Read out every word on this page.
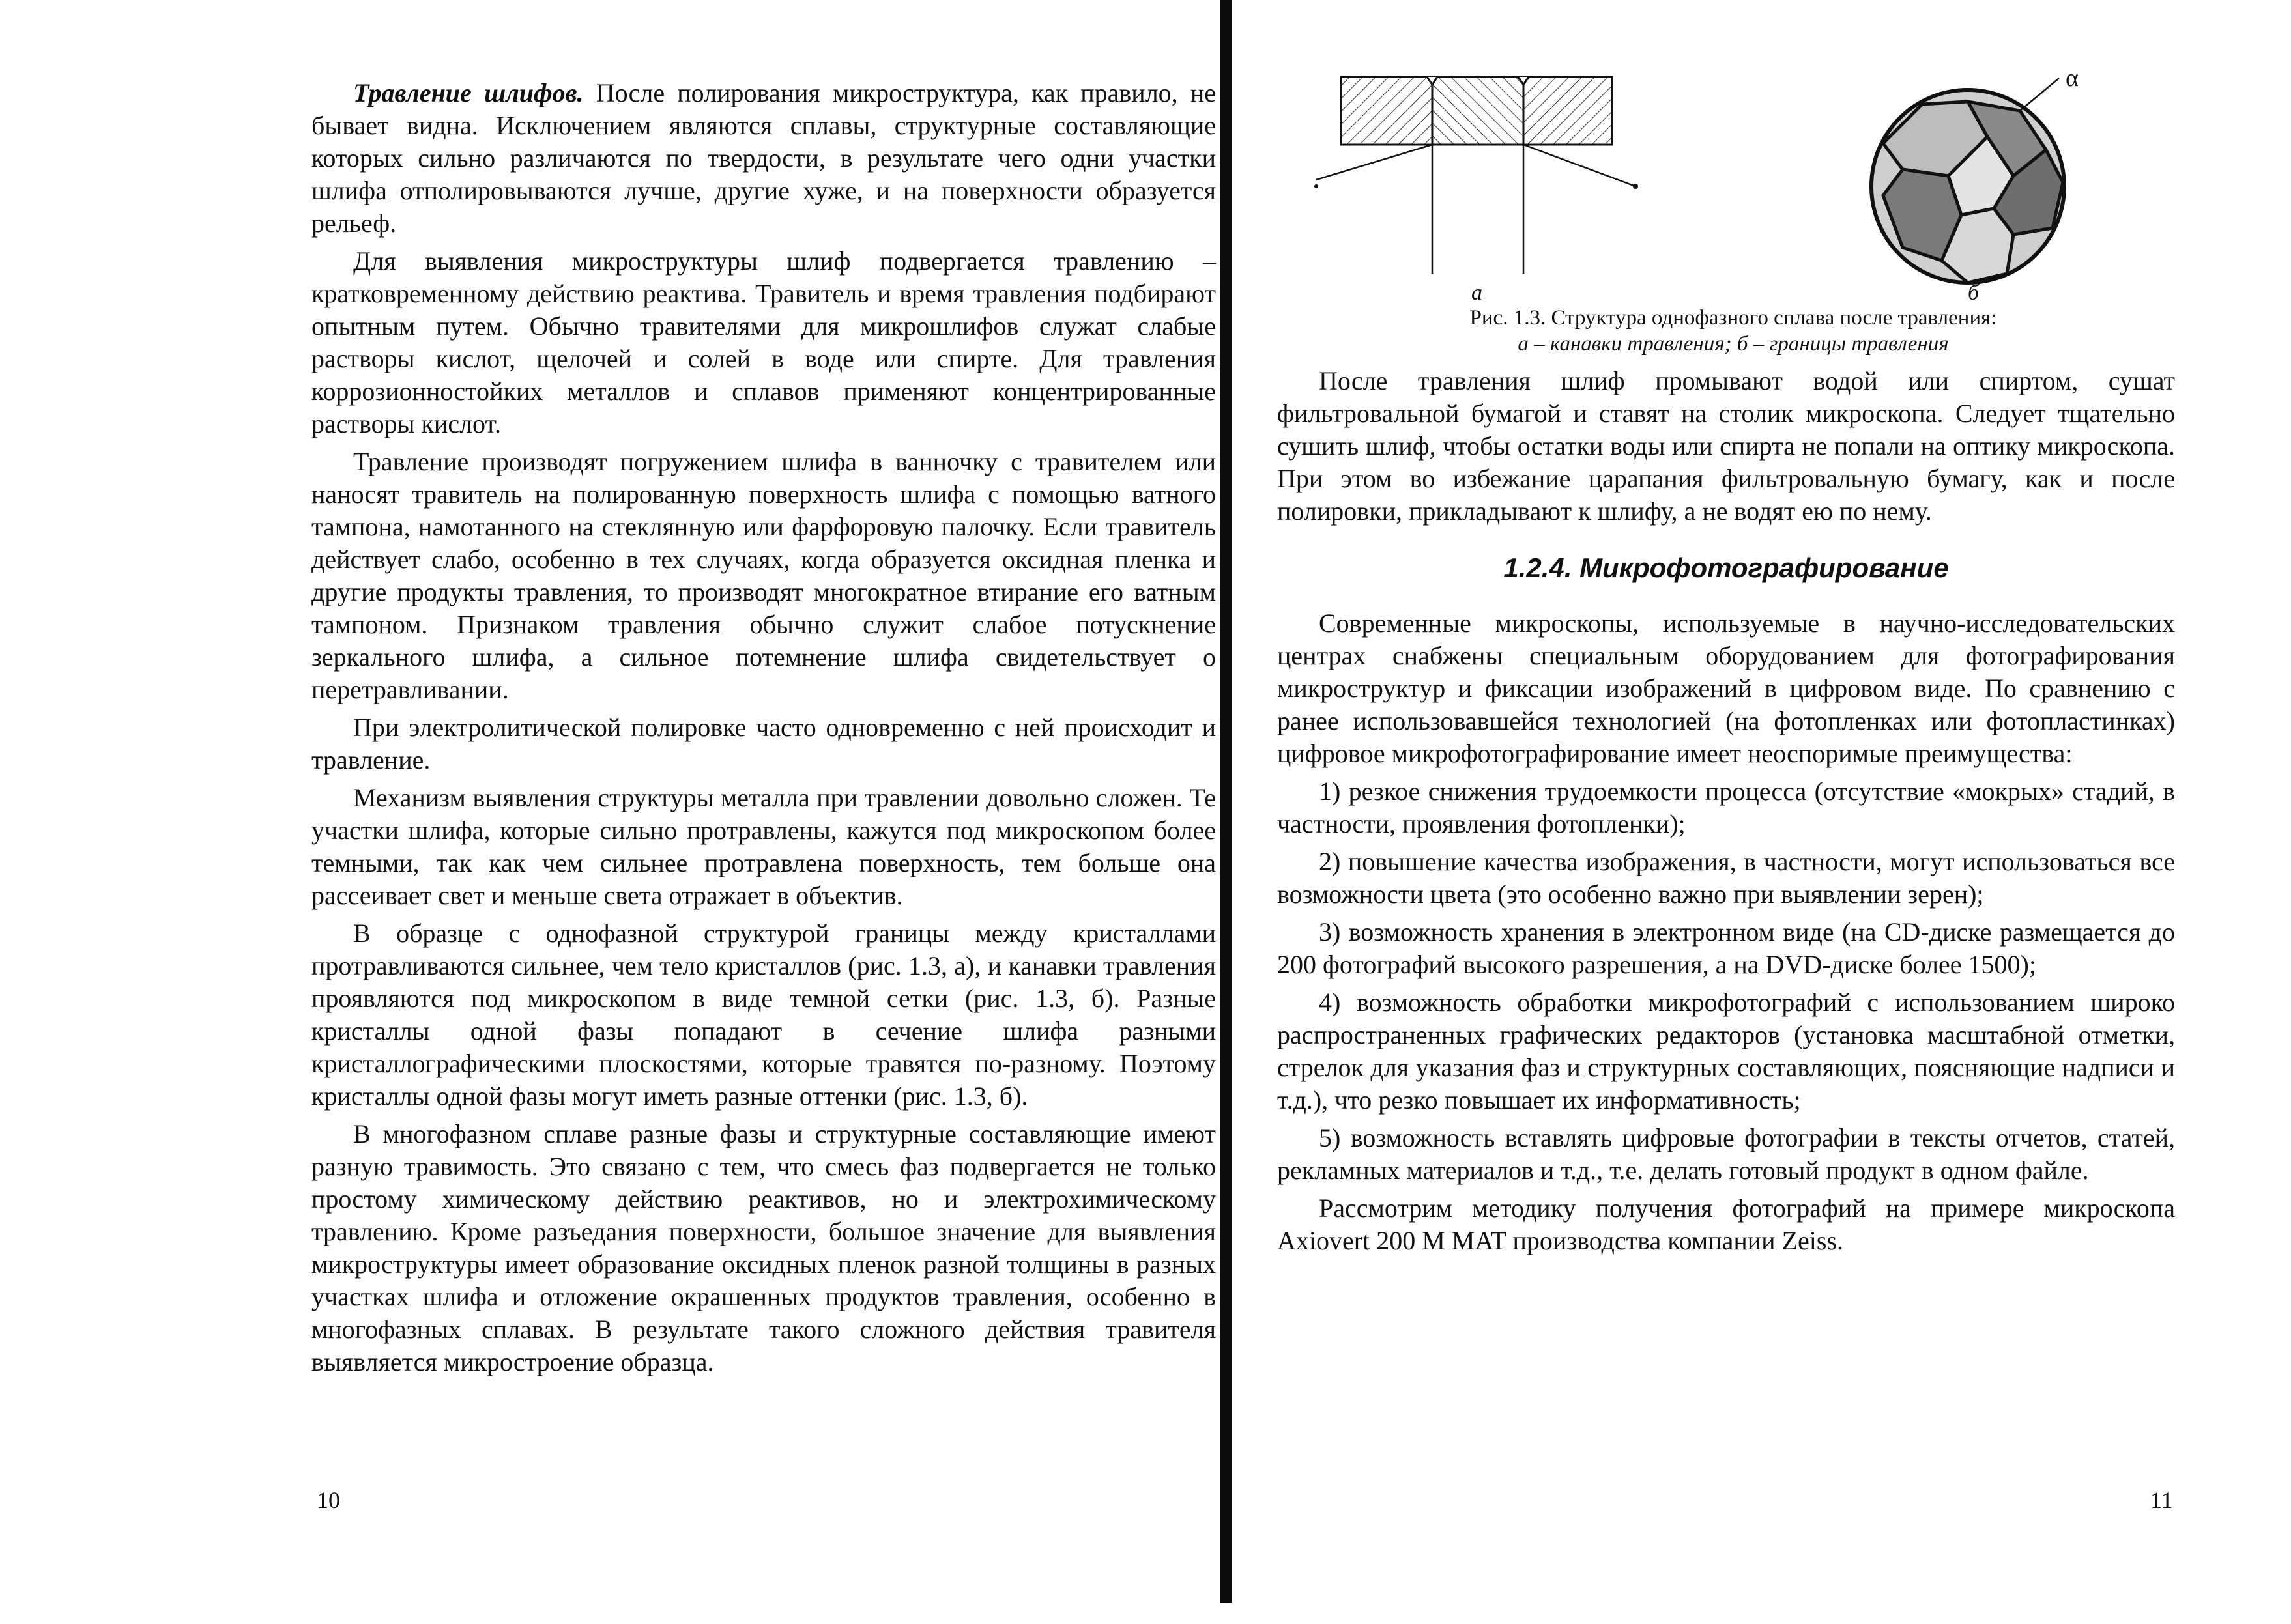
Травление шлифов. После полирования микроструктура, как правило, не бывает видна. Исключением являются сплавы, структурные составляющие которых сильно различаются по твердости, в результате чего одни участки шлифа отполировываются лучше, другие хуже, и на поверхности образуется рельеф.

Для выявления микроструктуры шлиф подвергается травлению – кратковременному действию реактива. Травитель и время травления подбирают опытным путем. Обычно травителями для микрошлифов служат слабые растворы кислот, щелочей и солей в воде или спирте. Для травления коррозионностойких металлов и сплавов применяют концентрированные растворы кислот.

Травление производят погружением шлифа в ванночку с травителем или наносят травитель на полированную поверхность шлифа с помощью ватного тампона, намотанного на стеклянную или фарфоровую палочку. Если травитель действует слабо, особенно в тех случаях, когда образуется оксидная пленка и другие продукты травления, то производят многократное втирание его ватным тампоном. Признаком травления обычно служит слабое потускнение зеркального шлифа, а сильное потемнение шлифа свидетельствует о перетравливании.

При электролитической полировке часто одновременно с ней происходит и травление.

Механизм выявления структуры металла при травлении довольно сложен. Те участки шлифа, которые сильно протравлены, кажутся под микроскопом более темными, так как чем сильнее протравлена поверхность, тем больше она рассеивает свет и меньше света отражает в объектив.

В образце с однофазной структурой границы между кристаллами протравливаются сильнее, чем тело кристаллов (рис. 1.3, а), и канавки травления проявляются под микроскопом в виде темной сетки (рис. 1.3, б). Разные кристаллы одной фазы попадают в сечение шлифа разными кристаллографическими плоскостями, которые травятся по-разному. Поэтому кристаллы одной фазы могут иметь разные оттенки (рис. 1.3, б).

В многофазном сплаве разные фазы и структурные составляющие имеют разную травимость. Это связано с тем, что смесь фаз подвергается не только простому химическому действию реактивов, но и электрохимическому травлению. Кроме разъедания поверхности, большое значение для выявления микроструктуры имеет образование оксидных пленок разной толщины в разных участках шлифа и отложение окрашенных продуктов травления, особенно в многофазных сплавах. В результате такого сложного действия травителя выявляется микростроение образца.

10
а	б
α
Рис. 1.3. Структура однофазного сплава после травления:
а – канавки травления; б – границы травления

После травления шлиф промывают водой или спиртом, сушат фильтровальной бумагой и ставят на столик микроскопа. Следует тщательно сушить шлиф, чтобы остатки воды или спирта не попали на оптику микроскопа. При этом во избежание царапания фильтровальную бумагу, как и после полировки, прикладывают к шлифу, а не водят ею по нему.

1.2.4. Микрофотографирование

Современные микроскопы, используемые в научно-исследовательских центрах снабжены специальным оборудованием для фотографирования микроструктур и фиксации изображений в цифровом виде. По сравнению с ранее использовавшейся технологией (на фотопленках или фотопластинках) цифровое микрофотографирование имеет неоспоримые преимущества:

1) резкое снижения трудоемкости процесса (отсутствие «мокрых» стадий, в частности, проявления фотопленки);

2) повышение качества изображения, в частности, могут использоваться все возможности цвета (это особенно важно при выявлении зерен);

3) возможность хранения в электронном виде (на CD-диске размещается до 200 фотографий высокого разрешения, а на DVD-диске более 1500);

4) возможность обработки микрофотографий с использованием широко распространенных графических редакторов (установка масштабной отметки, стрелок для указания фаз и структурных составляющих, поясняющие надписи и т.д.), что резко повышает их информативность;

5) возможность вставлять цифровые фотографии в тексты отчетов, статей, рекламных материалов и т.д., т.е. делать готовый продукт в одном файле.

Рассмотрим методику получения фотографий на примере микроскопа Axiovert 200 M MAT производства компании Zeiss.

11
